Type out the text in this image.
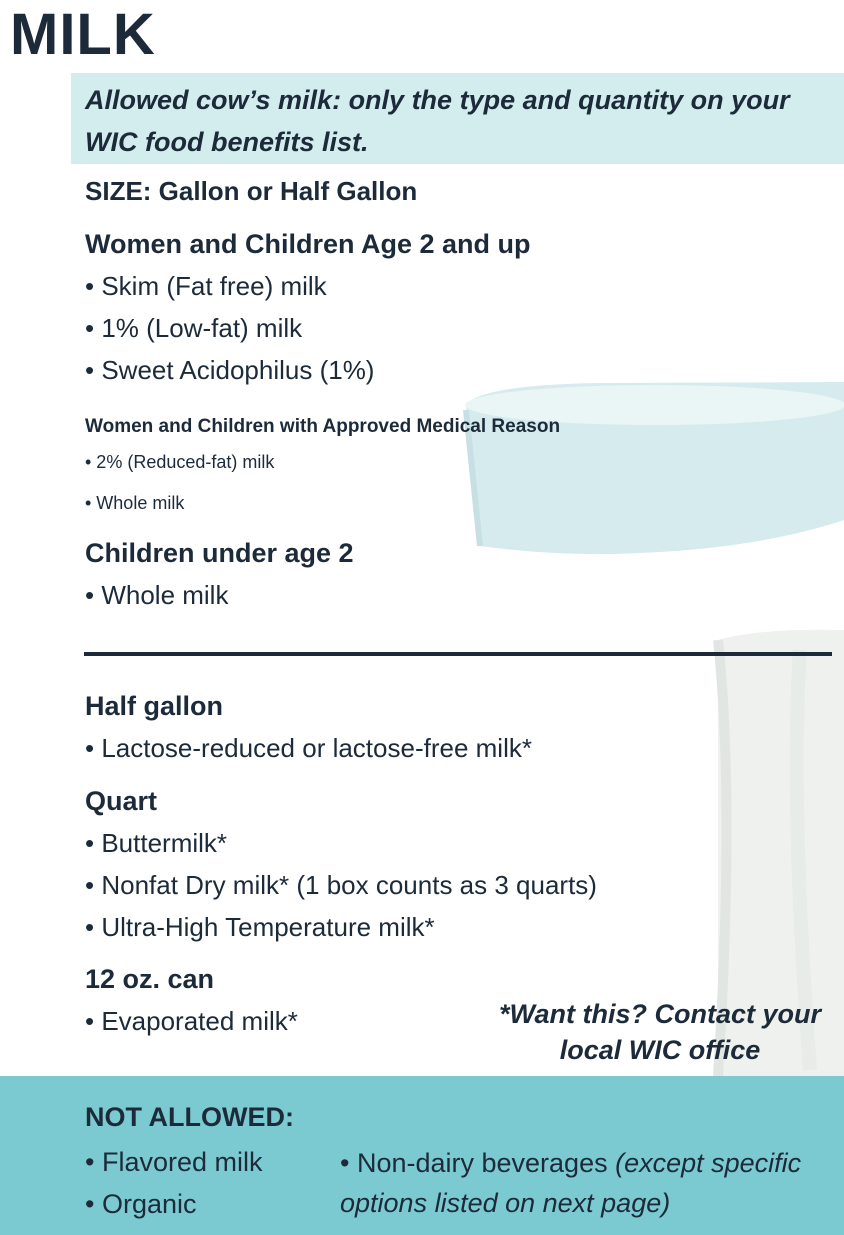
MILK

Allowed cow’s milk: only the type and quantity on your WIC food benefits list.

SIZE: Gallon or Half Gallon
Women and Children Age 2 and up
• Skim (Fat free) milk
• 1% (Low-fat) milk
• Sweet Acidophilus (1%)
Women and Children with Approved Medical Reason
• 2% (Reduced-fat) milk
• Whole milk
Children under age 2
• Whole milk
Half gallon
• Lactose-reduced or lactose-free milk*
Quart
• Buttermilk*
• Nonfat Dry milk* (1 box counts as 3 quarts)
• Ultra-High Temperature milk*
12 oz. can
• Evaporated milk*	*Want this? Contact your local WIC office
NOT ALLOWED:
• Flavored milk
• Organic
• Non-dairy beverages (except specific options listed on next page)
